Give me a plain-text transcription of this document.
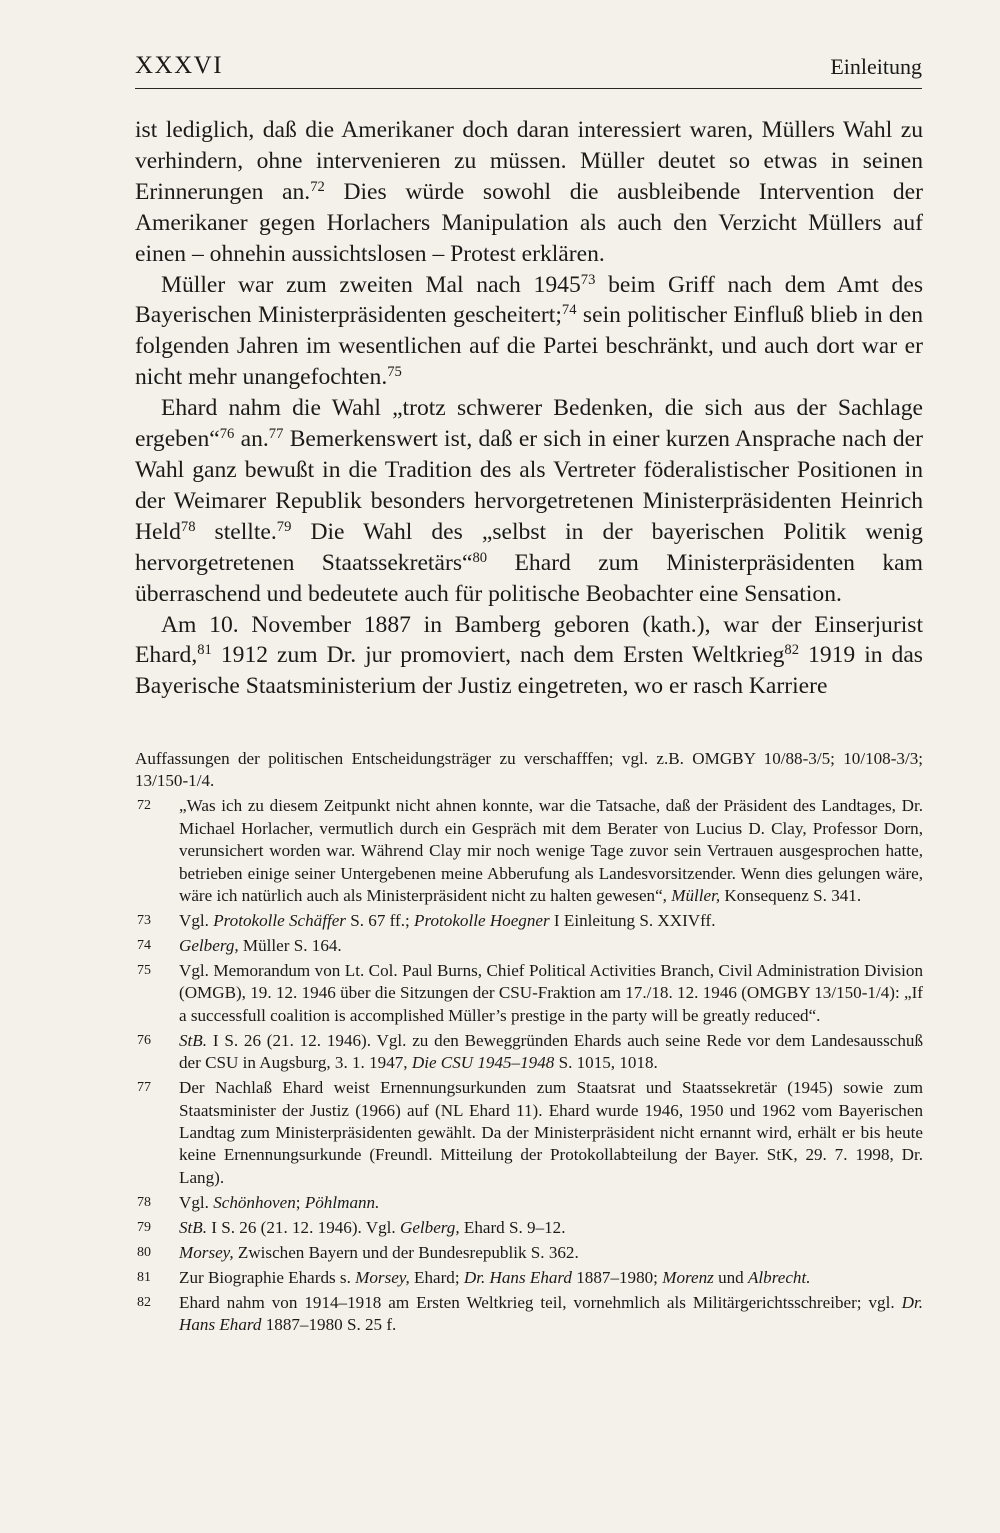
XXXVI	Einleitung

ist lediglich, daß die Amerikaner doch daran interessiert waren, Müllers Wahl zu verhindern, ohne intervenieren zu müssen. Müller deutet so etwas in seinen Erinnerungen an.$^{72}$ Dies würde sowohl die ausbleibende Intervention der Amerikaner gegen Horlachers Manipulation als auch den Verzicht Müllers auf einen – ohnehin aussichtslosen – Protest erklären.

Müller war zum zweiten Mal nach 1945$^{73}$ beim Griff nach dem Amt des Bayerischen Ministerpräsidenten gescheitert;$^{74}$ sein politischer Einfluß blieb in den folgenden Jahren im wesentlichen auf die Partei beschränkt, und auch dort war er nicht mehr unangefochten.$^{75}$

Ehard nahm die Wahl „trotz schwerer Bedenken, die sich aus der Sachlage ergeben“$^{76}$ an.$^{77}$ Bemerkenswert ist, daß er sich in einer kurzen Ansprache nach der Wahl ganz bewußt in die Tradition des als Vertreter föderalistischer Positionen in der Weimarer Republik besonders hervorgetretenen Ministerpräsidenten Heinrich Held$^{78}$ stellte.$^{79}$ Die Wahl des „selbst in der bayerischen Politik wenig hervorgetretenen Staatssekretärs“$^{80}$ Ehard zum Ministerpräsidenten kam überraschend und bedeutete auch für politische Beobachter eine Sensation.

Am 10. November 1887 in Bamberg geboren (kath.), war der Einserjurist Ehard,$^{81}$ 1912 zum Dr. jur promoviert, nach dem Ersten Weltkrieg$^{82}$ 1919 in das Bayerische Staatsministerium der Justiz eingetreten, wo er rasch Karriere

Auffassungen der politischen Entscheidungsträger zu verschafffen; vgl. z.B. OMGBY 10/88-3/5; 10/108-3/3; 13/150-1/4.

72 „Was ich zu diesem Zeitpunkt nicht ahnen konnte, war die Tatsache, daß der Präsident des Landtages, Dr. Michael Horlacher, vermutlich durch ein Gespräch mit dem Berater von Lucius D. Clay, Professor Dorn, verunsichert worden war. Während Clay mir noch wenige Tage zuvor sein Vertrauen ausgesprochen hatte, betrieben einige seiner Untergebenen meine Abberufung als Landesvorsitzender. Wenn dies gelungen wäre, wäre ich natürlich auch als Ministerpräsident nicht zu halten gewesen“, Müller, Konsequenz S. 341.

73 Vgl. Protokolle Schäffer S. 67 ff.; Protokolle Hoegner I Einleitung S. XXIVff.

74 Gelberg, Müller S. 164.

75 Vgl. Memorandum von Lt. Col. Paul Burns, Chief Political Activities Branch, Civil Administration Division (OMGB), 19. 12. 1946 über die Sitzungen der CSU-Fraktion am 17./18. 12. 1946 (OMGBY 13/150-1/4): „If a successfull coalition is accomplished Müller’s prestige in the party will be greatly reduced“.

76 StB. I S. 26 (21. 12. 1946). Vgl. zu den Beweggründen Ehards auch seine Rede vor dem Landesausschuß der CSU in Augsburg, 3. 1. 1947, Die CSU 1945–1948 S. 1015, 1018.

77 Der Nachlaß Ehard weist Ernennungsurkunden zum Staatsrat und Staatssekretär (1945) sowie zum Staatsminister der Justiz (1966) auf (NL Ehard 11). Ehard wurde 1946, 1950 und 1962 vom Bayerischen Landtag zum Ministerpräsidenten gewählt. Da der Ministerpräsident nicht ernannt wird, erhält er bis heute keine Ernennungsurkunde (Freundl. Mitteilung der Protokollabteilung der Bayer. StK, 29. 7. 1998, Dr. Lang).

78 Vgl. Schönhoven; Pöhlmann.

79 StB. I S. 26 (21. 12. 1946). Vgl. Gelberg, Ehard S. 9–12.

80 Morsey, Zwischen Bayern und der Bundesrepublik S. 362.

81 Zur Biographie Ehards s. Morsey, Ehard; Dr. Hans Ehard 1887–1980; Morenz und Albrecht.

82 Ehard nahm von 1914–1918 am Ersten Weltkrieg teil, vornehmlich als Militärgerichtsschreiber; vgl. Dr. Hans Ehard 1887–1980 S. 25 f.
